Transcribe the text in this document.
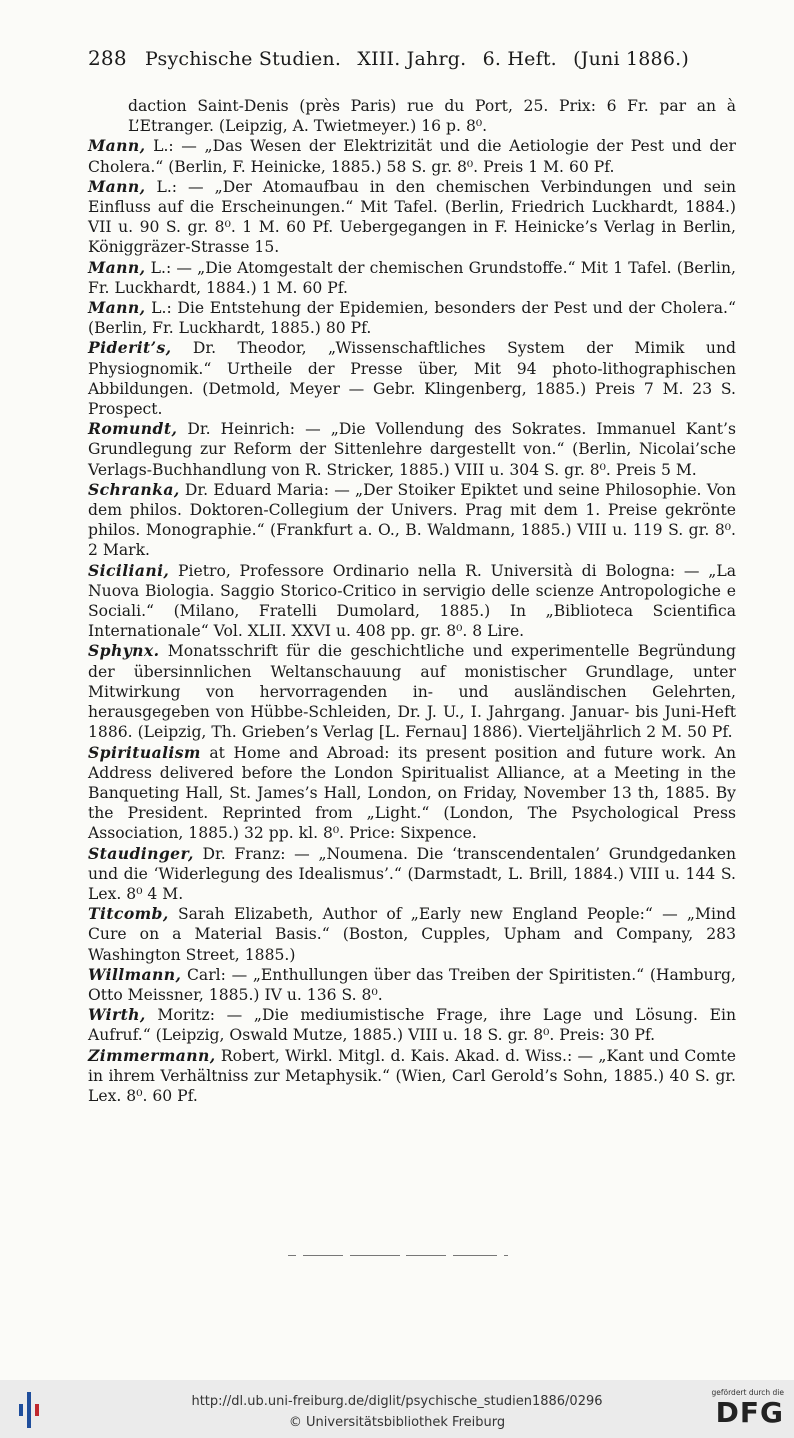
288 Psychische Studien. XIII. Jahrg. 6. Heft. (Juni 1886.)

daction Saint-Denis (près Paris) rue du Port, 25. Prix: 6 Fr. par an à L’Etranger. (Leipzig, A. Twietmeyer.) 16 p. 8⁰.

Mann, L.: — „Das Wesen der Elektrizität und die Aetiologie der Pest und der Cholera.“ (Berlin, F. Heinicke, 1885.) 58 S. gr. 8⁰. Preis 1 M. 60 Pf.

Mann, L.: — „Der Atomaufbau in den chemischen Verbindungen und sein Einfluss auf die Erscheinungen.“ Mit Tafel. (Berlin, Friedrich Luckhardt, 1884.) VII u. 90 S. gr. 8⁰. 1 M. 60 Pf. Uebergegangen in F. Heinicke’s Verlag in Berlin, Königgräzer-Strasse 15.

Mann, L.: — „Die Atomgestalt der chemischen Grundstoffe.“ Mit 1 Tafel. (Berlin, Fr. Luckhardt, 1884.) 1 M. 60 Pf.

Mann, L.: Die Entstehung der Epidemien, besonders der Pest und der Cholera.“ (Berlin, Fr. Luckhardt, 1885.) 80 Pf.

Piderit’s, Dr. Theodor, „Wissenschaftliches System der Mimik und Physiognomik.“ Urtheile der Presse über, Mit 94 photo-lithographischen Abbildungen. (Detmold, Meyer — Gebr. Klingenberg, 1885.) Preis 7 M. 23 S. Prospect.

Romundt, Dr. Heinrich: — „Die Vollendung des Sokrates. Immanuel Kant’s Grundlegung zur Reform der Sittenlehre dargestellt von.“ (Berlin, Nicolai’sche Verlags-Buchhandlung von R. Stricker, 1885.) VIII u. 304 S. gr. 8⁰. Preis 5 M.

Schranka, Dr. Eduard Maria: — „Der Stoiker Epiktet und seine Philosophie. Von dem philos. Doktoren-Collegium der Univers. Prag mit dem 1. Preise gekrönte philos. Monographie.“ (Frankfurt a. O., B. Waldmann, 1885.) VIII u. 119 S. gr. 8⁰. 2 Mark.

Siciliani, Pietro, Professore Ordinario nella R. Università di Bologna: — „La Nuova Biologia. Saggio Storico-Critico in servigio delle scienze Antropologiche e Sociali.“ (Milano, Fratelli Dumolard, 1885.) In „Biblioteca Scientifica Internationale“ Vol. XLII. XXVI u. 408 pp. gr. 8⁰. 8 Lire.

Sphynx. Monatsschrift für die geschichtliche und experimentelle Begründung der übersinnlichen Weltanschauung auf monistischer Grundlage, unter Mitwirkung von hervorragenden in- und ausländischen Gelehrten, herausgegeben von Hübbe-Schleiden, Dr. J. U., I. Jahrgang. Januar- bis Juni-Heft 1886. (Leipzig, Th. Grieben’s Verlag [L. Fernau] 1886). Vierteljährlich 2 M. 50 Pf.

Spiritualism at Home and Abroad: its present position and future work. An Address delivered before the London Spiritualist Alliance, at a Meeting in the Banqueting Hall, St. James’s Hall, London, on Friday, November 13 th, 1885. By the President. Reprinted from „Light.“ (London, The Psychological Press Association, 1885.) 32 pp. kl. 8⁰. Price: Sixpence.

Staudinger, Dr. Franz: — „Noumena. Die ‘transcendentalen’ Grundgedanken und die ‘Widerlegung des Idealismus’.“ (Darmstadt, L. Brill, 1884.) VIII u. 144 S. Lex. 8⁰ 4 M.

Titcomb, Sarah Elizabeth, Author of „Early new England People:“ — „Mind Cure on a Material Basis.“ (Boston, Cupples, Upham and Company, 283 Washington Street, 1885.)

Willmann, Carl: — „Enthullungen über das Treiben der Spiritisten.“ (Hamburg, Otto Meissner, 1885.) IV u. 136 S. 8⁰.

Wirth, Moritz: — „Die mediumistische Frage, ihre Lage und Lösung. Ein Aufruf.“ (Leipzig, Oswald Mutze, 1885.) VIII u. 18 S. gr. 8⁰. Preis: 30 Pf.

Zimmermann, Robert, Wirkl. Mitgl. d. Kais. Akad. d. Wiss.: — „Kant und Comte in ihrem Verhältniss zur Metaphysik.“ (Wien, Carl Gerold’s Sohn, 1885.) 40 S. gr. Lex. 8⁰. 60 Pf.

http://dl.ub.uni-freiburg.de/diglit/psychische_studien1886/0296
© Universitätsbibliothek Freiburg
gefördert durch die
DFG
